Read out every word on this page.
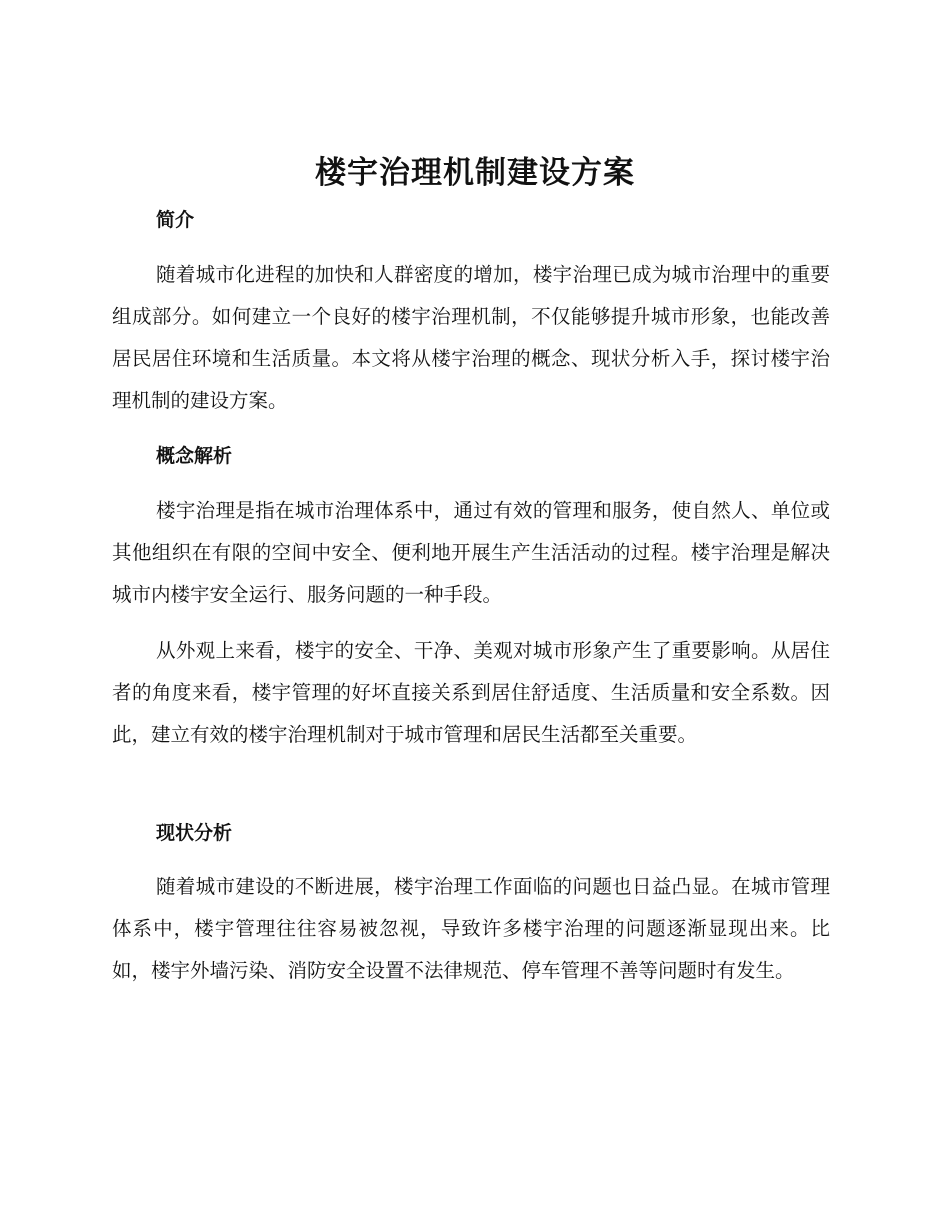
楼宇治理机制建设方案
简介

随着城市化进程的加快和人群密度的增加，楼宇治理已成为城市治理中的重要组成部分。如何建立一个良好的楼宇治理机制，不仅能够提升城市形象，也能改善居民居住环境和生活质量。本文将从楼宇治理的概念、现状分析入手，探讨楼宇治理机制的建设方案。

概念解析

楼宇治理是指在城市治理体系中，通过有效的管理和服务，使自然人、单位或其他组织在有限的空间中安全、便利地开展生产生活活动的过程。楼宇治理是解决城市内楼宇安全运行、服务问题的一种手段。

从外观上来看，楼宇的安全、干净、美观对城市形象产生了重要影响。从居住者的角度来看，楼宇管理的好坏直接关系到居住舒适度、生活质量和安全系数。因此，建立有效的楼宇治理机制对于城市管理和居民生活都至关重要。

现状分析

随着城市建设的不断进展，楼宇治理工作面临的问题也日益凸显。在城市管理体系中，楼宇管理往往容易被忽视，导致许多楼宇治理的问题逐渐显现出来。比如，楼宇外墙污染、消防安全设置不法律规范、停车管理不善等问题时有发生。
